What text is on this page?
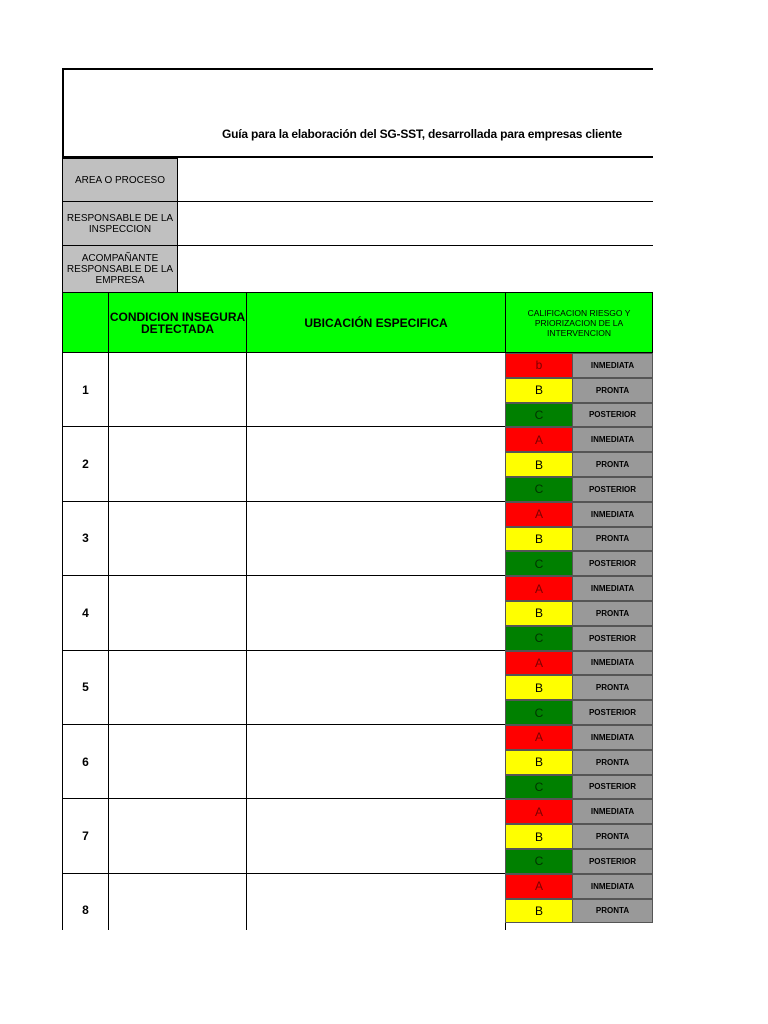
Guía para la elaboración del SG-SST, desarrollada para empresas cliente
AREA O PROCESO
RESPONSABLE DE LA INSPECCION
ACOMPAÑANTE RESPONSABLE DE LA EMPRESA
CONDICION INSEGURA DETECTADA	UBICACIÓN ESPECIFICA
CALIFICACION RIESGO Y PRIORIZACION DE LA INTERVENCION
1
b	INMEDIATA
B	PRONTA
C	POSTERIOR
2
A	INMEDIATA
B	PRONTA
C	POSTERIOR
3
A	INMEDIATA
B	PRONTA
C	POSTERIOR
4
A	INMEDIATA
B	PRONTA
C	POSTERIOR
5
A	INMEDIATA
B	PRONTA
C	POSTERIOR
6
A	INMEDIATA
B	PRONTA
C	POSTERIOR
7
A	INMEDIATA
B	PRONTA
C	POSTERIOR
8
A	INMEDIATA
B	PRONTA
